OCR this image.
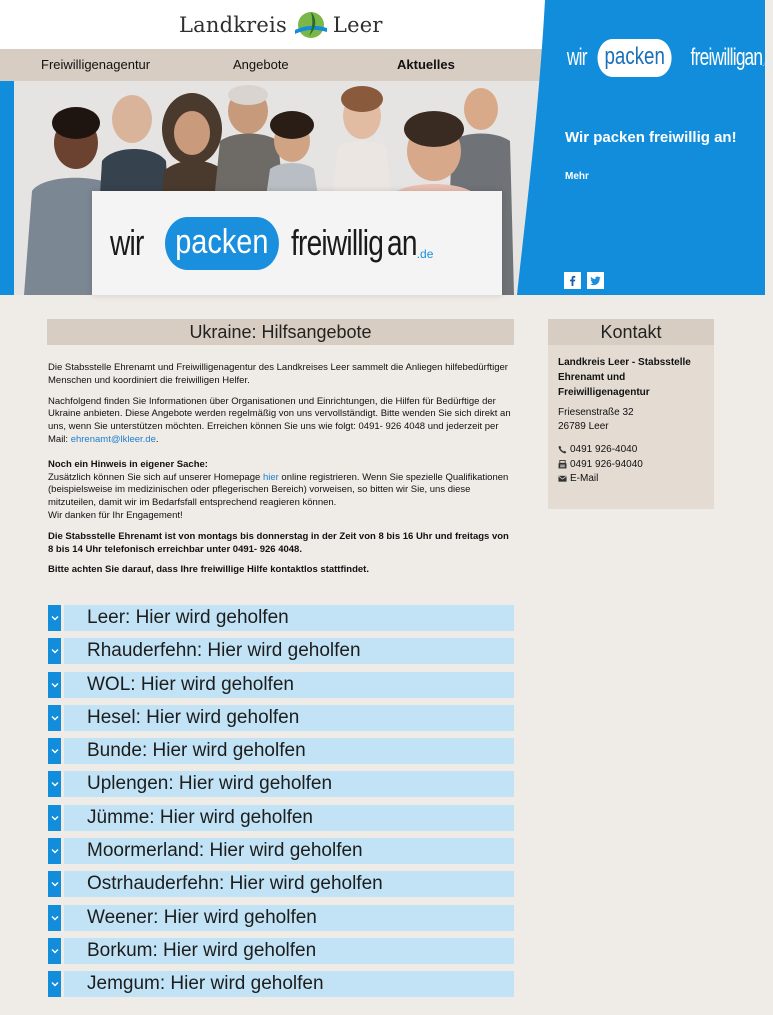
Landkreis Leer
Freiwilligenagentur	Angebote	Aktuelles
wir packen freiwillig an .de
wir packen freiwillig an .de
Wir packen freiwillig an!
Mehr
Ukraine: Hilfsangebote

Die Stabsstelle Ehrenamt und Freiwilligenagentur des Landkreises Leer sammelt die Anliegen hilfebedürftiger Menschen und koordiniert die freiwilligen Helfer.

Nachfolgend finden Sie Informationen über Organisationen und Einrichtungen, die Hilfen für Bedürftige der Ukraine anbieten. Diese Angebote werden regelmäßig von uns vervollständigt. Bitte wenden Sie sich direkt an uns, wenn Sie unterstützen möchten. Erreichen können Sie uns wie folgt: 0491- 926 4048 und jederzeit per Mail: ehrenamt@lkleer.de.

Noch ein Hinweis in eigener Sache:
Zusätzlich können Sie sich auf unserer Homepage hier online registrieren. Wenn Sie spezielle Qualifikationen (beispielsweise im medizinischen oder pflegerischen Bereich) vorweisen, so bitten wir Sie, uns diese mitzuteilen, damit wir im Bedarfsfall entsprechend reagieren können.
Wir danken für Ihr Engagement!

Die Stabsstelle Ehrenamt ist von montags bis donnerstag in der Zeit von 8 bis 16 Uhr und freitags von 8 bis 14 Uhr telefonisch erreichbar unter 0491- 926 4048.

Bitte achten Sie darauf, dass Ihre freiwillige Hilfe kontaktlos stattfindet.

Leer: Hier wird geholfen
Rhauderfehn: Hier wird geholfen
WOL: Hier wird geholfen
Hesel: Hier wird geholfen
Bunde: Hier wird geholfen
Uplengen: Hier wird geholfen
Jümme: Hier wird geholfen
Moormerland: Hier wird geholfen
Ostrhauderfehn: Hier wird geholfen
Weener: Hier wird geholfen
Borkum: Hier wird geholfen
Jemgum: Hier wird geholfen
Kontakt
Landkreis Leer - Stabsstelle Ehrenamt und Freiwilligenagentur
Friesenstraße 32
26789 Leer
0491 926-4040
0491 926-94040
E-Mail
